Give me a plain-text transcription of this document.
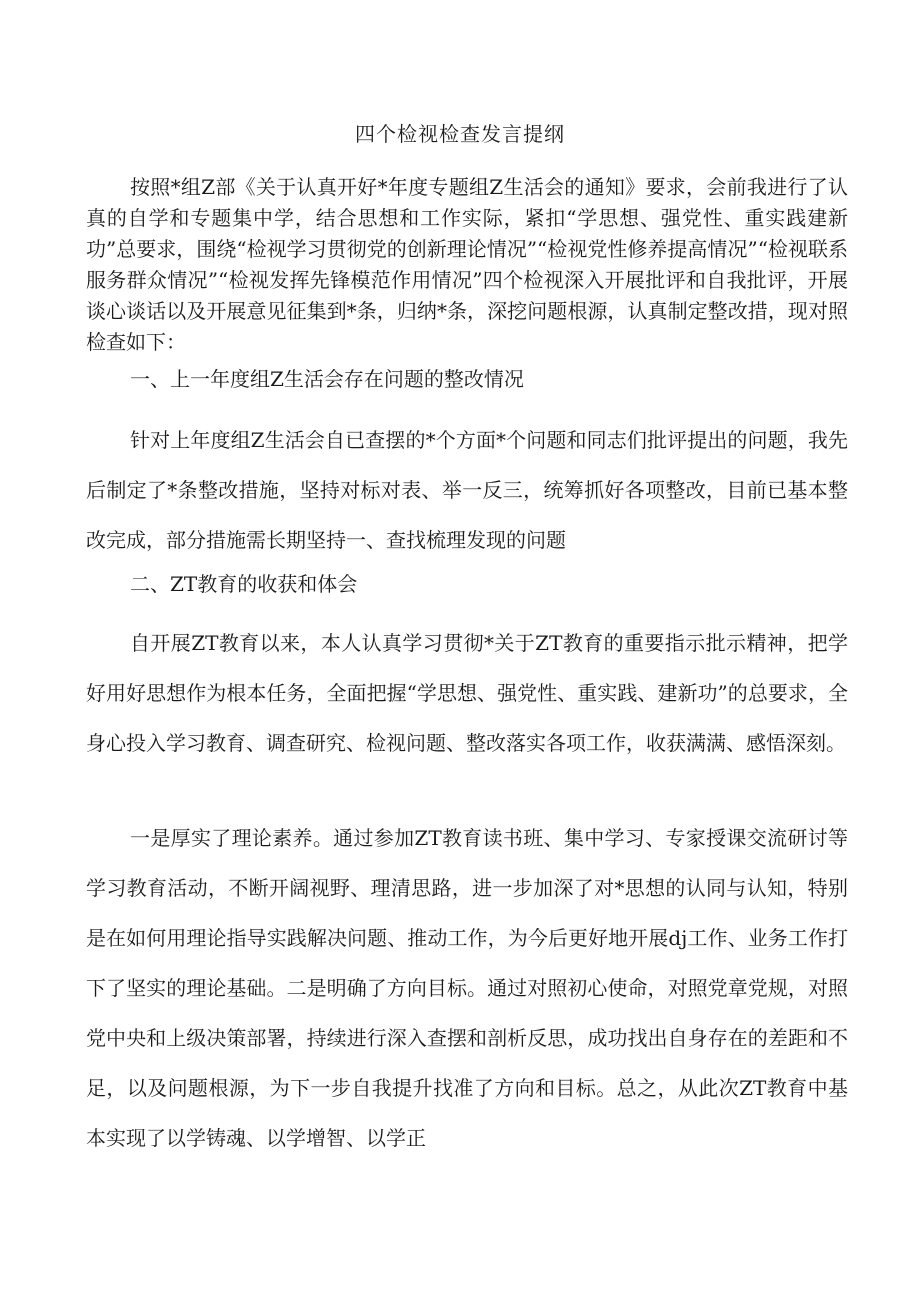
四个检视检查发言提纲

按照*组Z部《关于认真开好*年度专题组Z生活会的通知》要求，会前我进行了认真的自学和专题集中学，结合思想和工作实际，紧扣“学思想、强党性、重实践建新功”总要求，围绕“检视学习贯彻党的创新理论情况”“检视党性修养提高情况”“检视联系服务群众情况”“检视发挥先锋模范作用情况”四个检视深入开展批评和自我批评，开展谈心谈话以及开展意见征集到*条，归纳*条，深挖问题根源，认真制定整改措，现对照检查如下：

一、上一年度组Z生活会存在问题的整改情况

针对上年度组Z生活会自已查摆的*个方面*个问题和同志们批评提出的问题，我先后制定了*条整改措施，坚持对标对表、举一反三，统筹抓好各项整改，目前已基本整改完成，部分措施需长期坚持一、查找梳理发现的问题

二、ZT教育的收获和体会

自开展ZT教育以来，本人认真学习贯彻*关于ZT教育的重要指示批示精神，把学好用好思想作为根本任务，全面把握“学思想、强党性、重实践、建新功”的总要求，全身心投入学习教育、调查研究、检视问题、整改落实各项工作，收获满满、感悟深刻。

一是厚实了理论素养。通过参加ZT教育读书班、集中学习、专家授课交流研讨等学习教育活动，不断开阔视野、理清思路，进一步加深了对*思想的认同与认知，特别是在如何用理论指导实践解决问题、推动工作，为今后更好地开展dj工作、业务工作打下了坚实的理论基础。二是明确了方向目标。通过对照初心使命，对照党章党规，对照党中央和上级决策部署，持续进行深入查摆和剖析反思，成功找出自身存在的差距和不足，以及问题根源，为下一步自我提升找准了方向和目标。总之，从此次ZT教育中基本实现了以学铸魂、以学增智、以学正
